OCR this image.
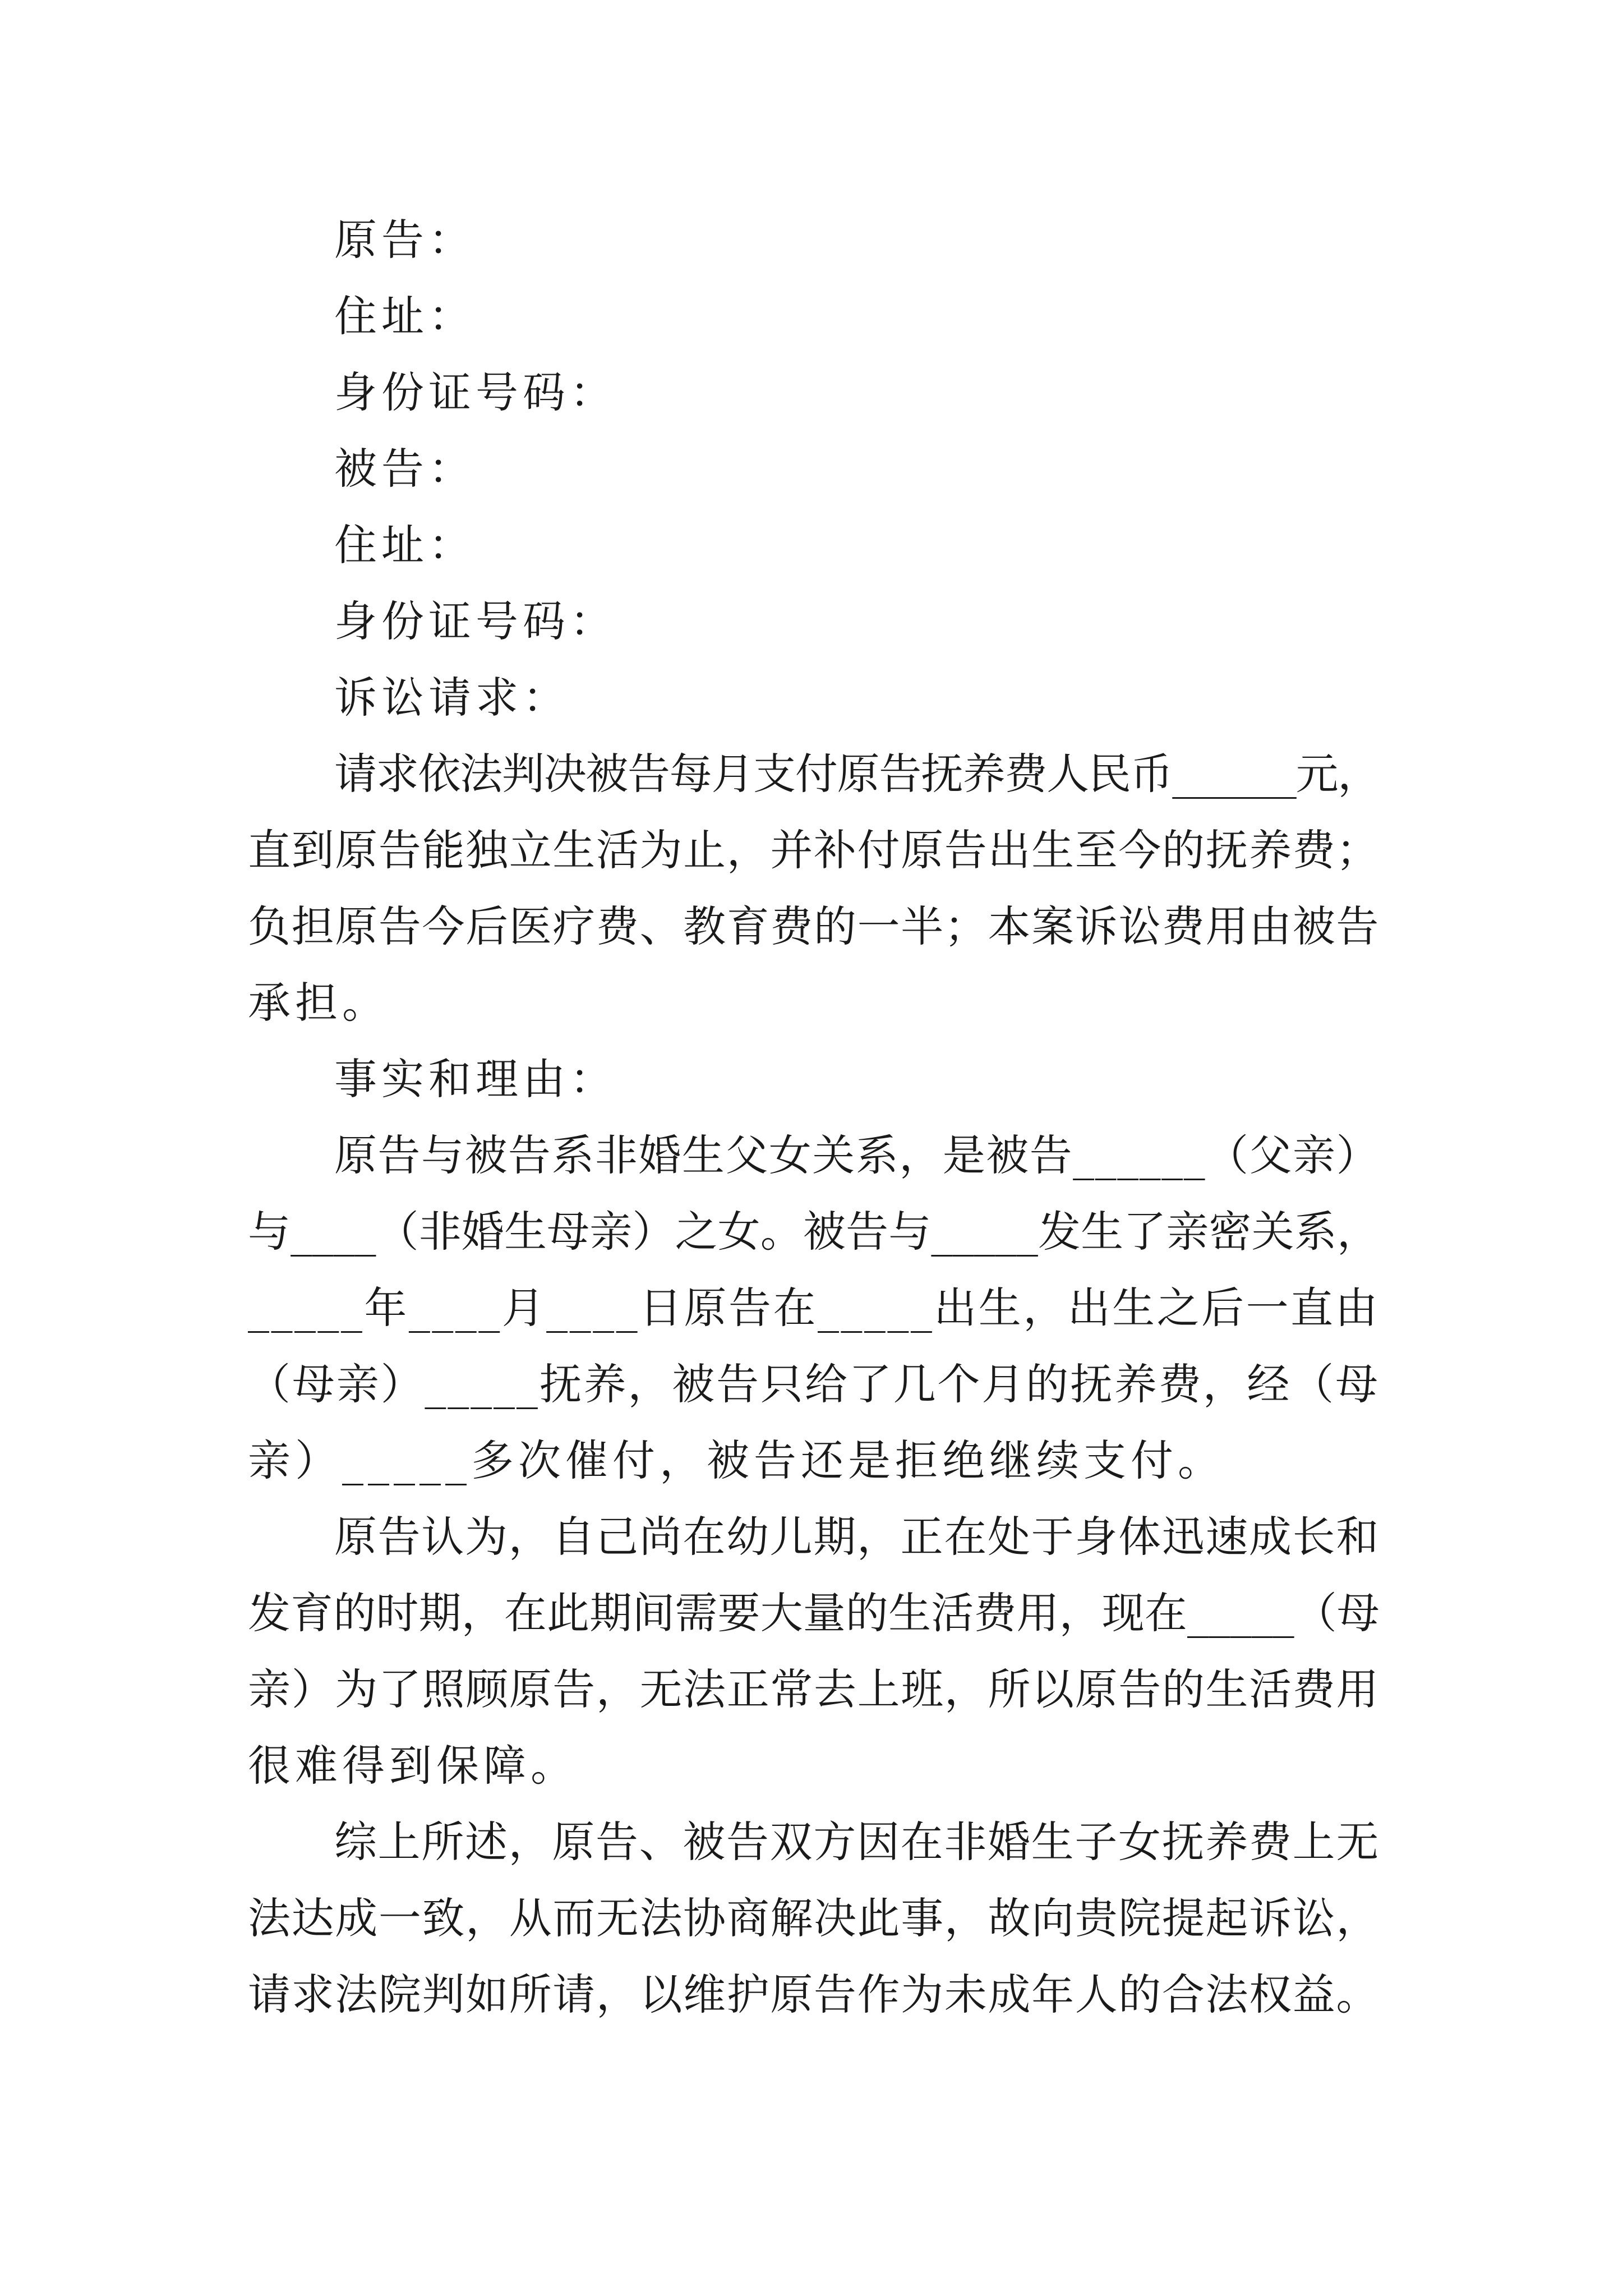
原告：
住址：
身份证号码：
被告：
住址：
身份证号码：
诉讼请求：
请求依法判决被告每月支付原告抚养费人民币______元，
直到原告能独立生活为止，并补付原告出生至今的抚养费；
负担原告今后医疗费、教育费的一半；本案诉讼费用由被告
承担。
事实和理由：
原告与被告系非婚生父女关系，是被告______（父亲）
与____（非婚生母亲）之女。被告与_____发生了亲密关系，
_____年____月____日原告在_____出生，出生之后一直由
（母亲）_____抚养，被告只给了几个月的抚养费，经（母
亲）_____多次催付，被告还是拒绝继续支付。
原告认为，自己尚在幼儿期，正在处于身体迅速成长和
发育的时期，在此期间需要大量的生活费用，现在_____（母
亲）为了照顾原告，无法正常去上班，所以原告的生活费用
很难得到保障。
综上所述，原告、被告双方因在非婚生子女抚养费上无
法达成一致，从而无法协商解决此事，故向贵院提起诉讼，
请求法院判如所请，以维护原告作为未成年人的合法权益。
